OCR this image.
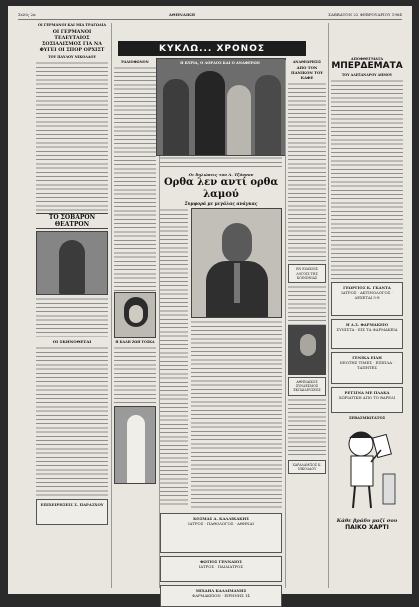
Σελίς 2α	ΑΘΗΝΑΙΚΗ	ΣΑΒΒΑΤΟΝ 22 ΦΕΒΡΟΥΑΡΙΟΥ 1964
ΟΙ ΓΕΡΜΑΝΟΙ ΚΑΙ ΜΙΑ ΤΡΑΓΩΔΙΑ
ΟΙ ΓΕΡΜΑΝΟΙ ΤΕΛΕΥΤΑΙΟΣ ΣΟΣΙΑΛΙΣΜΟΣ ΓΙΑ ΝΑ ΦΥΓΕΙ ΟΙ ΣΠΟΡ ΟΡΧΙΣΤ
ΤΟΥ ΠΑΥΛΟΥ ΝΙΚΟΛΑΟΥ
ΤΟ ΣΟΒΑΡΟΝ ΘΕΑΤΡΟΝ
ΟΙ ΣΚΗΝΟΘΕΤΑΙ
ΕΠΙΧΕΙΡΗΣΕΙΣ Σ. ΠΑΡΑΣΧΟΥ
ΡΑΔΙΟΦΩΝΟΝ
Η ΚΑΛΗ ΖΩΗ ΤΟΣΚΑ
ΚΥΚΛΩ... ΧΡΟΝΟΣ
Η ΚΥΡΙΑ, Ο ΛΟΡΔΟΣ ΚΑΙ Ο ΑΝΑΦΕΡΩΝ
Οι δηλώσεις του Λ. Τζόνσον
Ορθα λεν αντί ορθα λαμού
Συμφορά με μεγάλας ανάγκας
ΚΟΣΜΑΣ Α. ΚΑΛΛΙΚΑΚΗΣ
ΙΑΤΡΟΣ · ΠΑΘΟΛΟΓΟΣ · ΑΘΗΝΑΙ
ΦΩΤΙΟΣ ΓΕΝΝΑΙΟΣ
ΙΑΤΡΟΣ · ΠΑΙΔΙΑΤΡΟΣ
ΜΙΧΑΗΛ ΚΑΛΛΙΜΑΝΗΣ
ΦΑΡΜΑΚΕΙΟΝ · ΕΙΡΗΝΗΣ 14
ΑΝΑΘΕΩΡΗΣΙΣ
ΑΠΟ ΤΟΝ ΠΑΝΙΚΟΝ ΤΟΥ ΚΑΦΕ
ΕΝ ΕΙΔΙΚΟΙΣ ΛΟΓΟΙΣ ΤΗΣ ΚΟΙΝΩΝΙΑΣ
ΑΘΗΝΑΙΚΟΣ ΣΥΝΔΕΣΜΟΣ ΕΚΠΑΙΔΕΥΣΕΩΣ
ΧΑΡΑΛΑΜΠΟΣ Κ. ΝΙΚΟΛΑΟΥ
ΑΠΟΦΘΕΓΜΑΤΑ
ΜΠΕΡΔΕΜΑΤΑ
ΤΟΥ ΑΛΕΞΑΝΔΡΟΥ ΔΗΜΟΥ
ΓΕΩΡΓΙΟΣ Κ. ΓΚΑΝΤΑ
ΙΑΤΡΟΣ · ΑΚΤΙΝΟΛΟΓΟΣ · ΔΕΧΕΤΑΙ 5-8
Η Δ.Σ. ΦΑΡΜΑΚΕΙΟ
ΣΥΝΙΣΤΑ · ΕΙΣ ΤΑ ΦΑΡΜΑΚΕΙΑ
ΓΕΝΙΚΑ ΕΙΔΗ
ΝΕΟΤΗΣ ΤΙΜΕΣ · ΕΠΙΠΛΑ · ΤΑΠΗΤΕΣ
ΡΕΤΣΙΝΑ ΜΕ ΠΛΑΚΑ
ΧΩΡΙΑΤΙΚΗ ΑΠΟ ΤΟ ΒΑΡΕΛΙ
ΣΕΒΑΣΜΙΩΤΑΤΟΣ
Κάθε βράδυ μαζί σου
ΠΑΙΚΟ ΧΑΡΤΙ
